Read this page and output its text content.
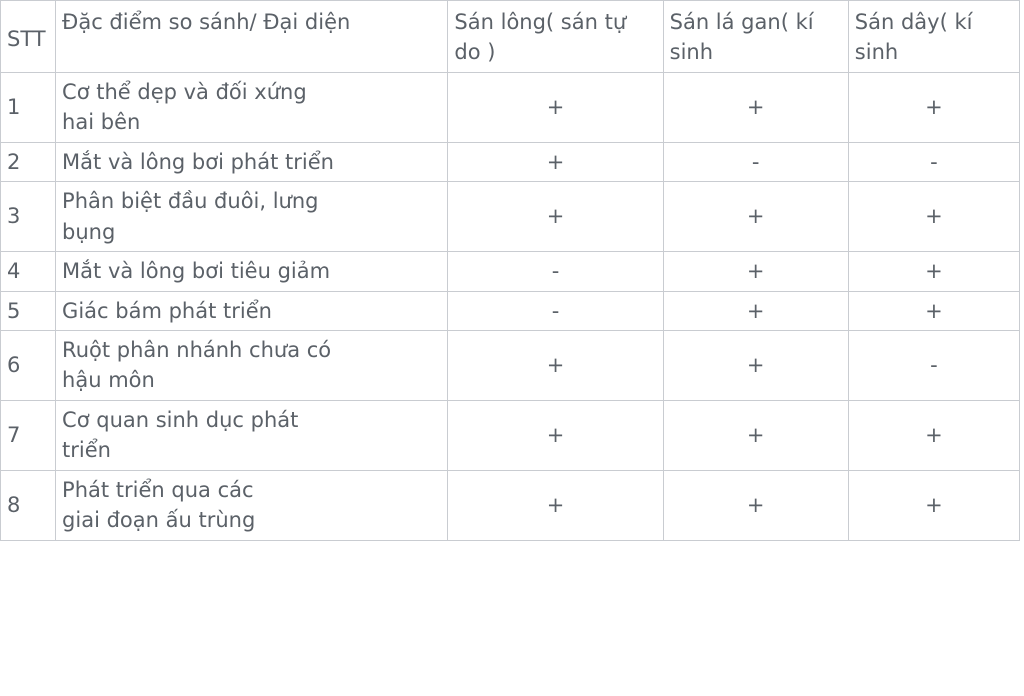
STT	Đặc điểm so sánh/ Đại diện	Sán lông( sán tự do )	Sán lá gan( kí sinh	Sán dây( kí sinh
1	Cơ thể dẹp và đối xứng
hai bên	+	+	+
2	Mắt và lông bơi phát triển	+	-	-
3	Phân biệt đầu đuôi, lưng
bụng	+	+	+
4	Mắt và lông bơi tiêu giảm	-	+	+
5	Giác bám phát triển	-	+	+
6	Ruột phân nhánh chưa có
hậu môn	+	+	-
7	Cơ quan sinh dục phát
triển	+	+	+
8	Phát triển qua các
giai đoạn ấu trùng	+	+	+
